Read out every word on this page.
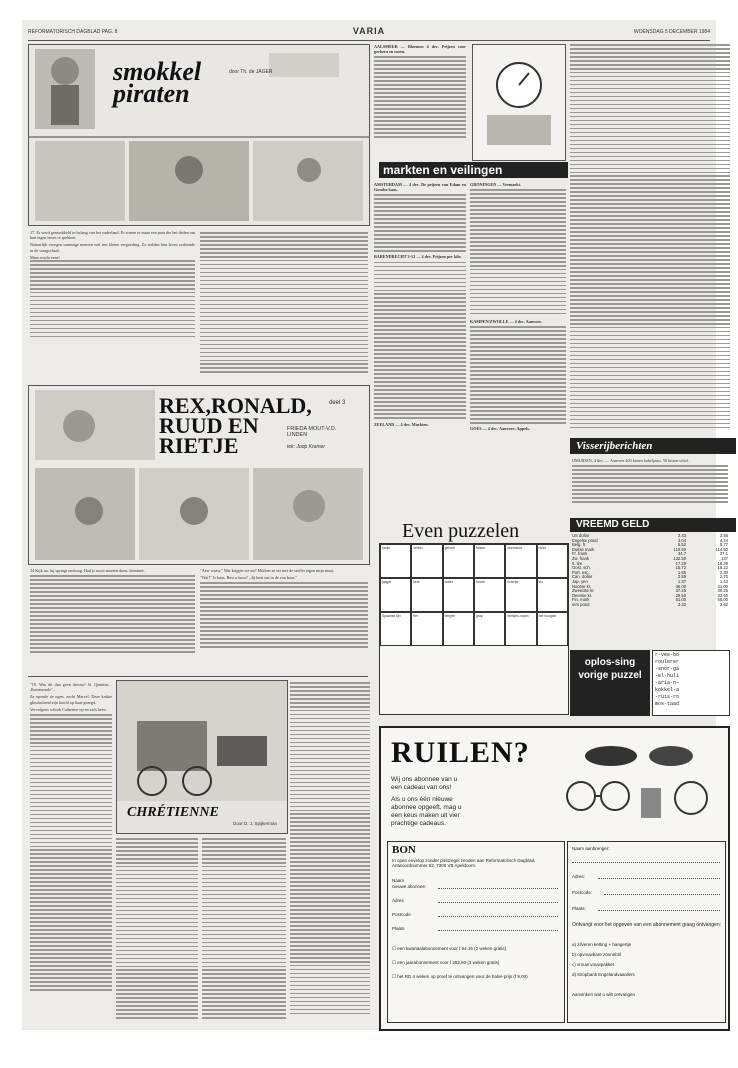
REFORMATORISCH DAGBLAD PAG. 8	VARIA	WOENSDAG 5 DECEMBER 1984
smokkel
piraten
door Th. de JAGER

17. Er werd gesmokkeld in belang van het vaderland. Er waren er maar een paar die het deden om hun eigen beurs te spekken.

Natuurlijk vroegen sommige mensen wel een kleine vergoeding. Zo stelden hun leven zodoende in de waagschaal.

Maar wacht eens!

REX,RONALD,
RUUD EN
RIETJE
deel 3
FRIEDA MOUT-V.D. LINDEN
tek: Joop Kramer

34 Kijk nu, hij springt omhoog. Had je nooit moeten doen, dominee.	"Aew waaw." Wat krijgen we nu? Mikken ze uit met de stoffer tegen mijn maat.

"Wat?" Is baas. Best u boos? ,,Jij bent nat in de zon baas."

"19. Was dit dan geen droom? St. Quentin… ,Rosemonde"…

Ze opende de ogen, zocht Marcel. Deze knikte glimlachend zijn hoofd op haar gezegd.

Vervolgens schrok Catherine op en zich heen.

CHRÉTIENNE
Door D. J. Spijkerman

AALSMEER — Bloemen 4 dec. Prijzen voor gerbera en rozen.

markten en veilingen

AMSTERDAM — 4 dec. De prijzen van Edam en Goudse kaas.

BARENDRECHT 3-12 — 4 dec. Prijzen per kilo.

ZEELAND — 4 dec. Markten.

GRONINGEN — Veemarkt.

KAMPEN/ZWOLLE — 4 dec. Aanvoer.

GOES — 4 dec. Aanvoer: Appels.

Visserijberichten

IJMUIDEN, 4 dec. — Aanvoer 403 kisten kabeljauw, 59 kisten schol.

VREEMD GELD
US dollar	3.43	3.55
Engelse pond	4.04	4.24
Belg. fr.	5.52	5.77
Duitse mark	110.50	114.50
Fr. frank	34.7	37.1
Zw. frank	132.50	137
It. lire	17.29	18.29
Oost. sch.	15.72	16.22
Port. esc.	1.85	2.30
Can. dollar	2.59	2.70
Jap. yen	1.37	1.43
Noorse kr.	36.00	41.00
Zweedse kr.	37.25	40.25
Deense kr.	29.50	32.50
Fin. mark	51.00	56.00
Iers pond	3.32	3.62
Even puzzelen
ravijn	verbin	geheel	fietser	zeemacht	rivier
jaager	kerk	water	boven	riviertje	vis
Spaanse lijn	fier	bergen	grap	meisjes-naam	het hoogste
oplos-sing vorige puzzel
r-vee-bo
roulerer
-snor-ga
-el-huli
-aria-n-
kokkel-a
-ruis-ro
mos-taad
RUILEN?
Wij ons abonnee van u
een cadeau van ons!
Als u ons één nieuwe
abonnee opgeeft, mag u
een keus maken uit vier
prachtige cadeaus.
BON
In open envelop zonder postzegel zenden aan Reformatorisch Dagblad, Antwoordnummer 62, 7300 VB Apeldoorn.
Naam
nieuwe abonnee:
Adres
Postcode
Plaats
☐ een kwartaalabonnement voor f 64.15 (3 weken gratis)
☐ een jaarabonnement voor f 252,60 (3 weken gratis)
☐ het RD 4 weken op proef te ontvangen voor de halve prijs (f 9,00)
Naam aanbrenger:
Adres:
Postcode:
Plaats:
Ontvangt voor het opgeven van een abonnement graag ontvangen:
a) zilveren ketting + hangertje
b) opvouwbare zonnebril
c) vrouw vouwpakket
d) stropbank Engelandvaarders
Aanvinken wat u wilt ontvangen
